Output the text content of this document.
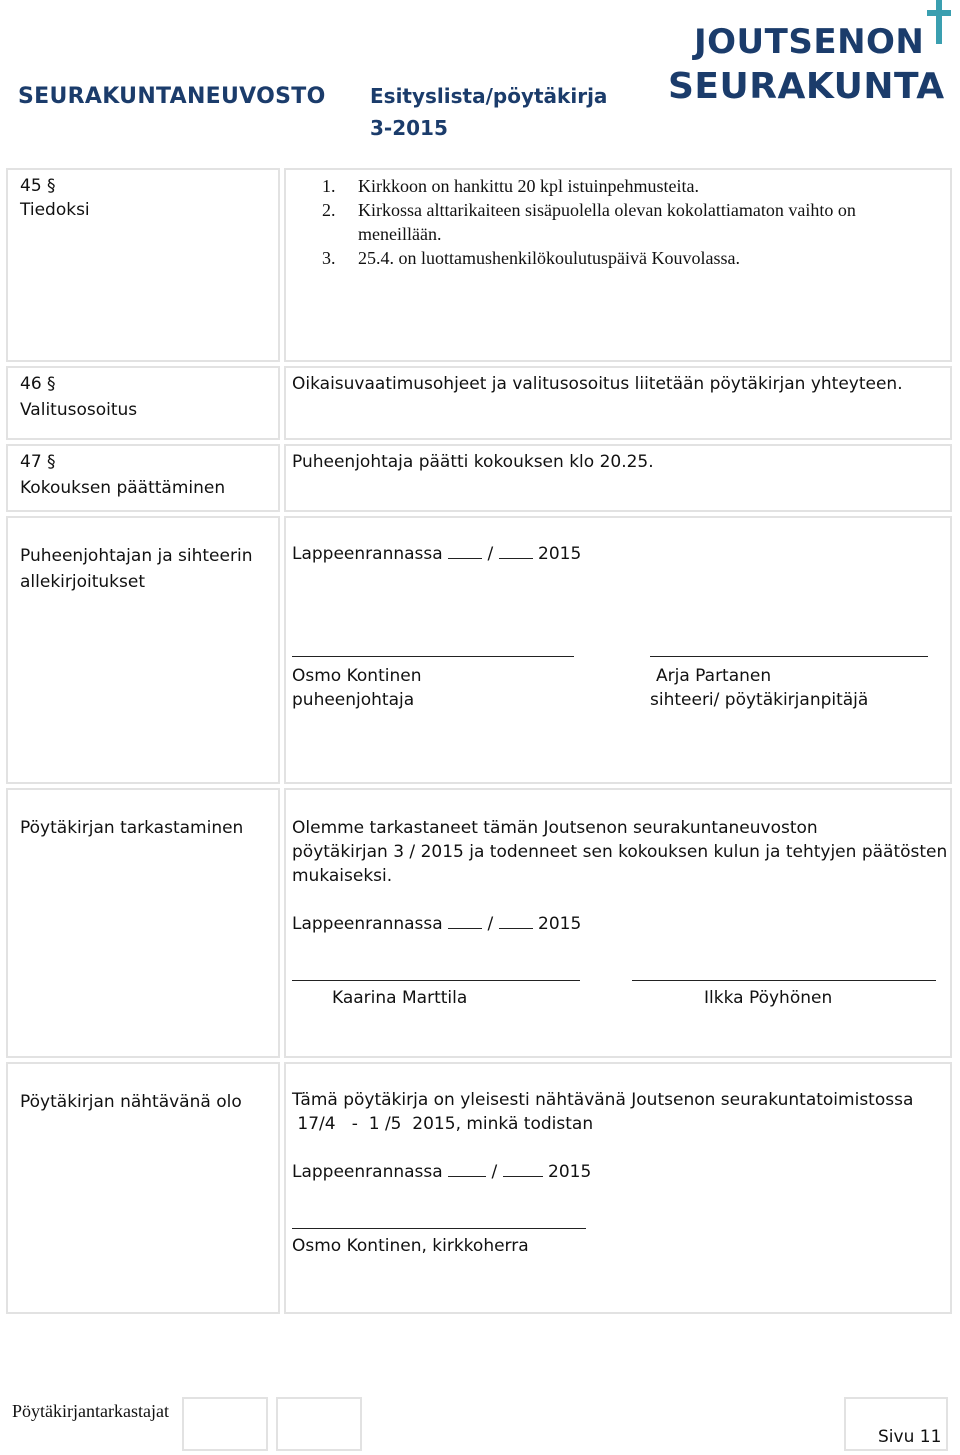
SEURAKUNTANEUVOSTO Esityslista/pöytäkirja
3-2015
JOUTSENON
SEURAKUNTA
45 §
Tiedoksi
1. Kirkkoon on hankittu 20 kpl istuinpehmusteita.
2. Kirkossa alttarikaiteen sisäpuolella olevan kokolattiamaton vaihto on
meneillään.
3. 25.4. on luottamushenkilökoulutuspäivä Kouvolassa.
46 §
Valitusosoitus
Oikaisuvaatimusohjeet ja valitusosoitus liitetään pöytäkirjan yhteyteen.
47 §
Kokouksen päättäminen
Puheenjohtaja päätti kokouksen klo 20.25.
Puheenjohtajan ja sihteerin
allekirjoitukset
Lappeenrannassa	/	2015
Osmo Kontinen
puheenjohtaja
Arja Partanen
sihteeri/ pöytäkirjanpitäjä
Pöytäkirjan tarkastaminen	Olemme tarkastaneet tämän Joutsenon seurakuntaneuvoston
pöytäkirjan 3 / 2015 ja todenneet sen kokouksen kulun ja tehtyjen päätösten
mukaiseksi.
Lappeenrannassa	/	2015
Kaarina Marttila	Ilkka Pöyhönen
Pöytäkirjan nähtävänä olo	Tämä pöytäkirja on yleisesti nähtävänä Joutsenon seurakuntatoimistossa
17/4   -  1 /5  2015, minkä todistan
Lappeenrannassa	/	2015
Osmo Kontinen, kirkkoherra
Pöytäkirjantarkastajat
Sivu 11
